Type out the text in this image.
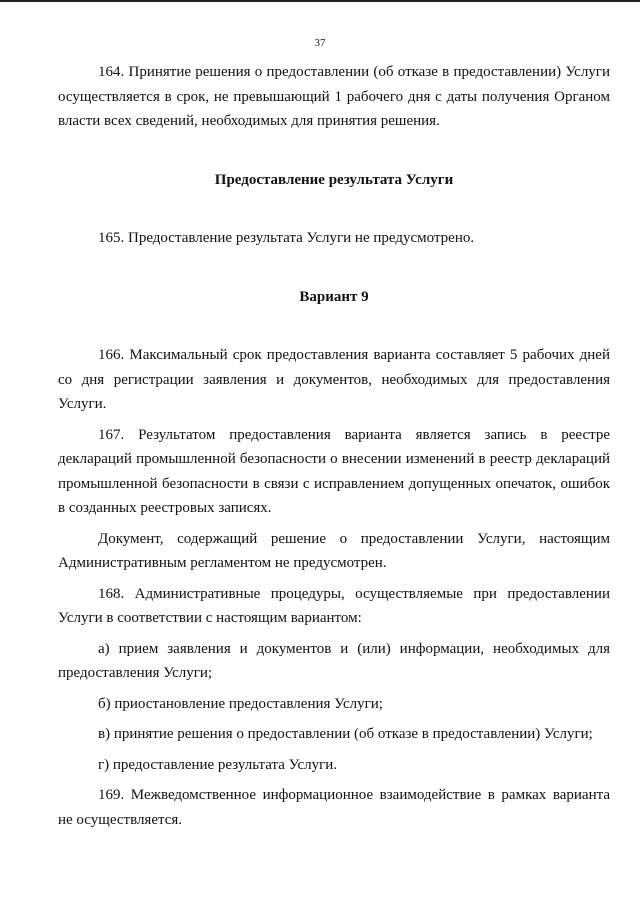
37

164. Принятие решения о предоставлении (об отказе в предоставлении) Услуги осуществляется в срок, не превышающий 1 рабочего дня с даты получения Органом власти всех сведений, необходимых для принятия решения.

Предоставление результата Услуги

165. Предоставление результата Услуги не предусмотрено.

Вариант 9

166. Максимальный срок предоставления варианта составляет 5 рабочих дней со дня регистрации заявления и документов, необходимых для предоставления Услуги.

167. Результатом предоставления варианта является запись в реестре деклараций промышленной безопасности о внесении изменений в реестр деклараций промышленной безопасности в связи с исправлением допущенных опечаток, ошибок в созданных реестровых записях.

Документ, содержащий решение о предоставлении Услуги, настоящим Административным регламентом не предусмотрен.

168. Административные процедуры, осуществляемые при предоставлении Услуги в соответствии с настоящим вариантом:

а) прием заявления и документов и (или) информации, необходимых для предоставления Услуги;

б) приостановление предоставления Услуги;

в) принятие решения о предоставлении (об отказе в предоставлении) Услуги;

г) предоставление результата Услуги.

169. Межведомственное информационное взаимодействие в рамках варианта не осуществляется.
